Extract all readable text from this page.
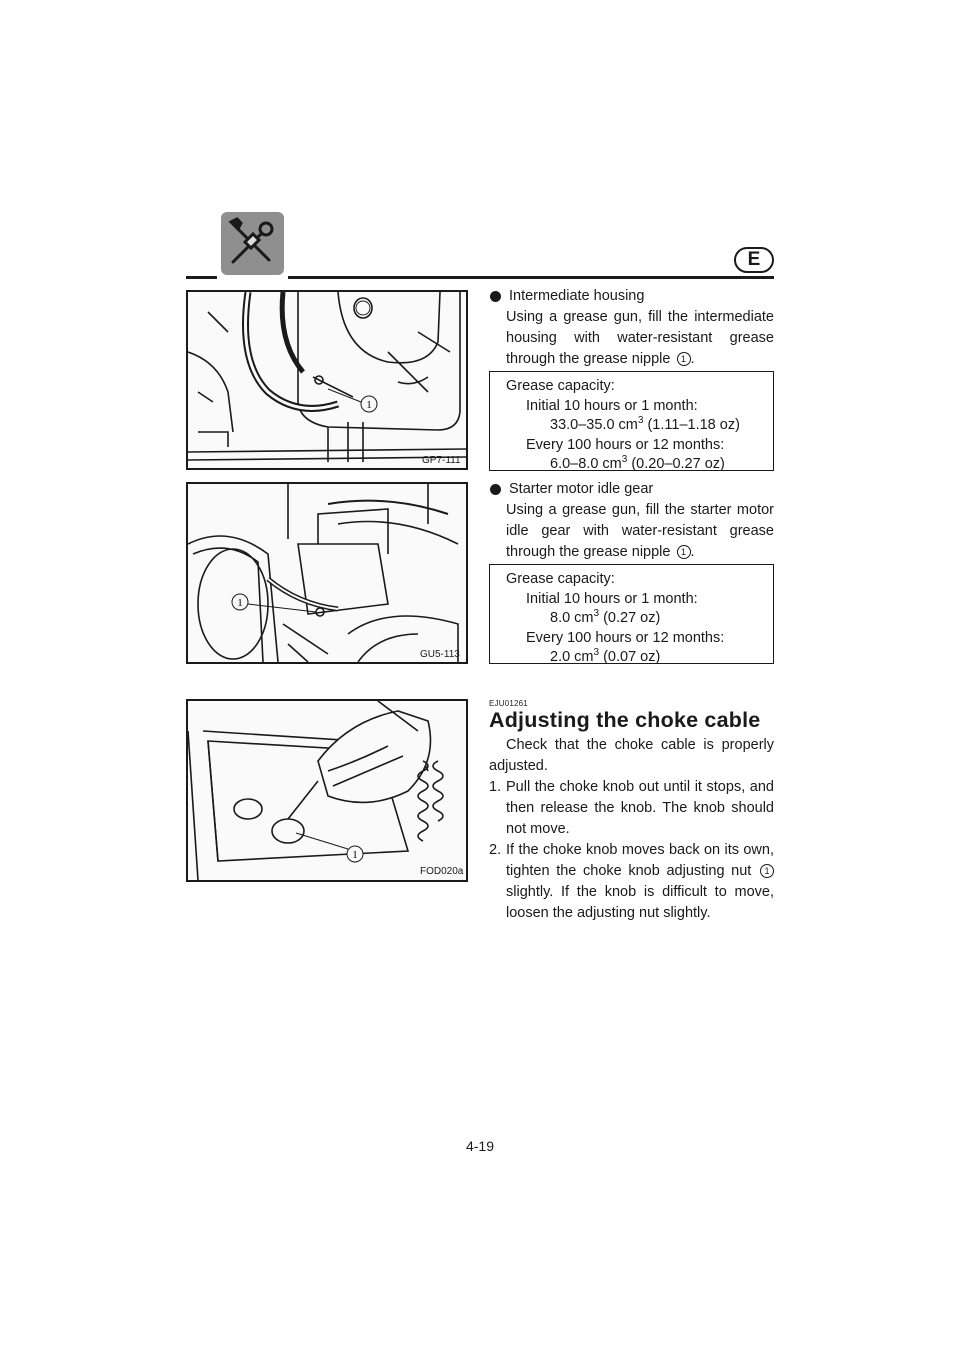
E
1
GP7-111
1
GU5-113
1
FOD020a
Intermediate housing
Using a grease gun, fill the intermediate housing with water-resistant grease through the grease nipple 1 .
Grease capacity:
Initial 10 hours or 1 month:
33.0–35.0 $cm^3$ (1.11–1.18 oz)
Every 100 hours or 12 months:
6.0–8.0 $cm^3$ (0.20–0.27 oz)
Starter motor idle gear
Using a grease gun, fill the starter motor idle gear with water-resistant grease through the grease nipple 1 .
Grease capacity:
Initial 10 hours or 1 month:
8.0 $cm^3$ (0.27 oz)
Every 100 hours or 12 months:
2.0 $cm^3$ (0.07 oz)
EJU01261
Adjusting the choke cable
Check that the choke cable is properly adjusted.
1. Pull the choke knob out until it stops, and then release the knob. The knob should not move.
2. If the choke knob moves back on its own, tighten the choke knob adjusting nut 1 slightly. If the knob is difficult to move, loosen the adjusting nut slightly.
4-19
